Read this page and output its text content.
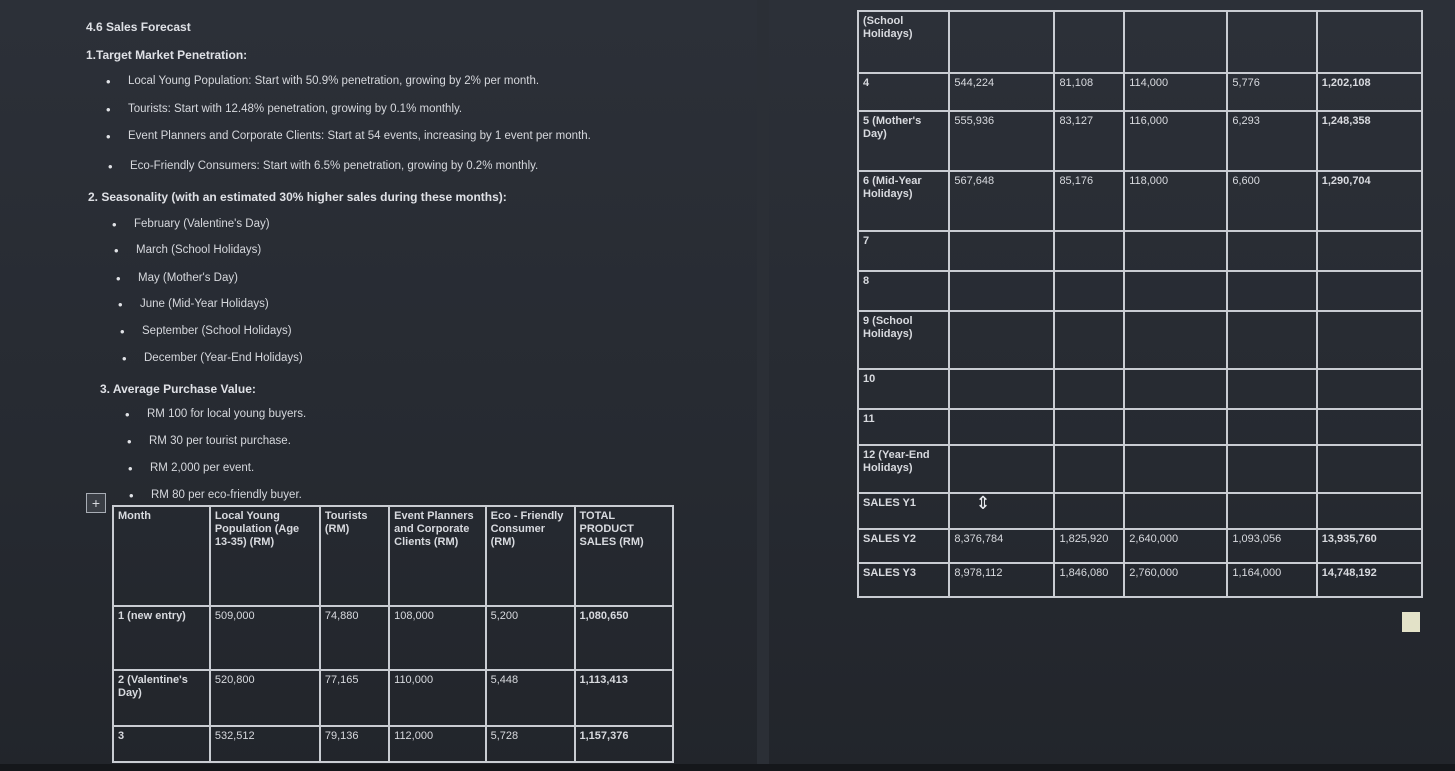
4.6 Sales Forecast
1.Target Market Penetration:
• Local Young Population: Start with 50.9% penetration, growing by 2% per month.
• Tourists: Start with 12.48% penetration, growing by 0.1% monthly.
• Event Planners and Corporate Clients: Start at 54 events, increasing by 1 event per month.
• Eco-Friendly Consumers: Start with 6.5% penetration, growing by 0.2% monthly.
2. Seasonality (with an estimated 30% higher sales during these months):
• February (Valentine's Day)
• March (School Holidays)
• May (Mother's Day)
• June (Mid-Year Holidays)
• September (School Holidays)
• December (Year-End Holidays)
3. Average Purchase Value:
• RM 100 for local young buyers.
• RM 30 per tourist purchase.
• RM 2,000 per event.
• RM 80 per eco-friendly buyer.
+
Month	Local Young Population (Age 13-35) (RM)	Tourists (RM)	Event Planners and Corporate Clients (RM)	Eco - Friendly Consumer (RM)	TOTAL PRODUCT SALES (RM)
1 (new entry)	509,000	74,880	108,000	5,200	1,080,650
2 (Valentine's Day)	520,800	77,165	110,000	5,448	1,113,413
3	532,512	79,136	112,000	5,728	1,157,376
(School Holidays)					
4	544,224	81,108	114,000	5,776	1,202,108
5 (Mother's Day)	555,936	83,127	116,000	6,293	1,248,358
6 (Mid-Year Holidays)	567,648	85,176	118,000	6,600	1,290,704
7					
8					
9 (School Holidays)					
10					
11					
12 (Year-End Holidays)					
SALES Y1					
SALES Y2	8,376,784	1,825,920	2,640,000	1,093,056	13,935,760
SALES Y3	8,978,112	1,846,080	2,760,000	1,164,000	14,748,192
⇕
